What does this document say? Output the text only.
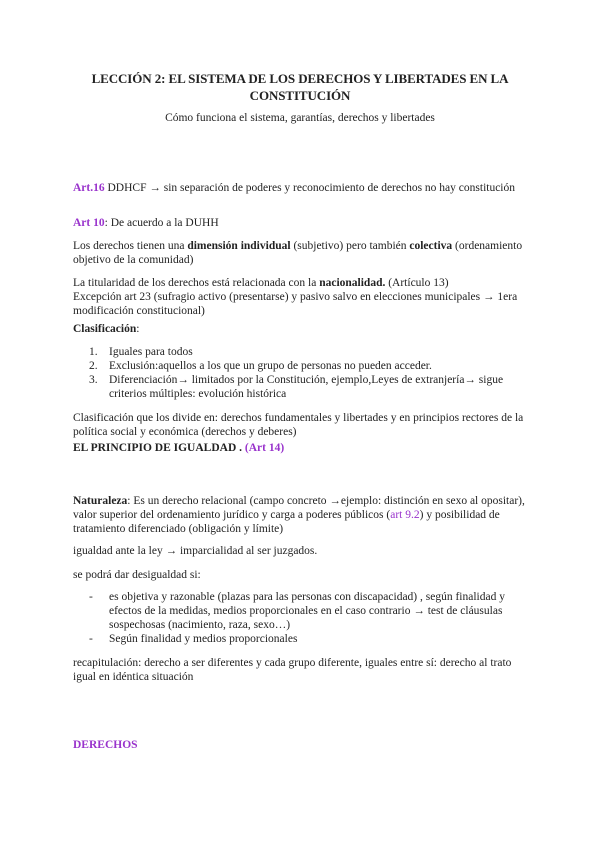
LECCIÓN 2: EL SISTEMA DE LOS DERECHOS Y LIBERTADES EN LA CONSTITUCIÓN
Cómo funciona el sistema, garantías, derechos y libertades
Art.16 DDHCF → sin separación de poderes y reconocimiento de derechos no hay constitución
Art 10: De acuerdo a la DUHH
Los derechos tienen una dimensión individual (subjetivo) pero también colectiva (ordenamiento objetivo de la comunidad)
La titularidad de los derechos está relacionada con la nacionalidad. (Artículo 13)
Excepción art 23 (sufragio activo (presentarse) y pasivo salvo en elecciones municipales → 1era modificación constitucional)
Clasificación:
1. Iguales para todos
2. Exclusión:aquellos a los que un grupo de personas no pueden acceder.
3. Diferenciación→ limitados por la Constitución, ejemplo,Leyes de extranjería→ sigue criterios múltiples: evolución histórica
Clasificación que los divide en: derechos fundamentales y libertades y en principios rectores de la política social y económica (derechos y deberes)
EL PRINCIPIO DE IGUALDAD . (Art 14)
Naturaleza: Es un derecho relacional (campo concreto →ejemplo: distinción en sexo al opositar), valor superior del ordenamiento jurídico y carga a poderes públicos (art 9.2) y posibilidad de tratamiento diferenciado (obligación y límite)
igualdad ante la ley → imparcialidad al ser juzgados.
se podrá dar desigualdad si:
- es objetiva y razonable (plazas para las personas con discapacidad) , según finalidad y efectos de la medidas, medios proporcionales en el caso contrario → test de cláusulas sospechosas (nacimiento, raza, sexo…)
- Según finalidad y medios proporcionales
recapitulación: derecho a ser diferentes y cada grupo diferente, iguales entre sí: derecho al trato igual en idéntica situación
DERECHOS
